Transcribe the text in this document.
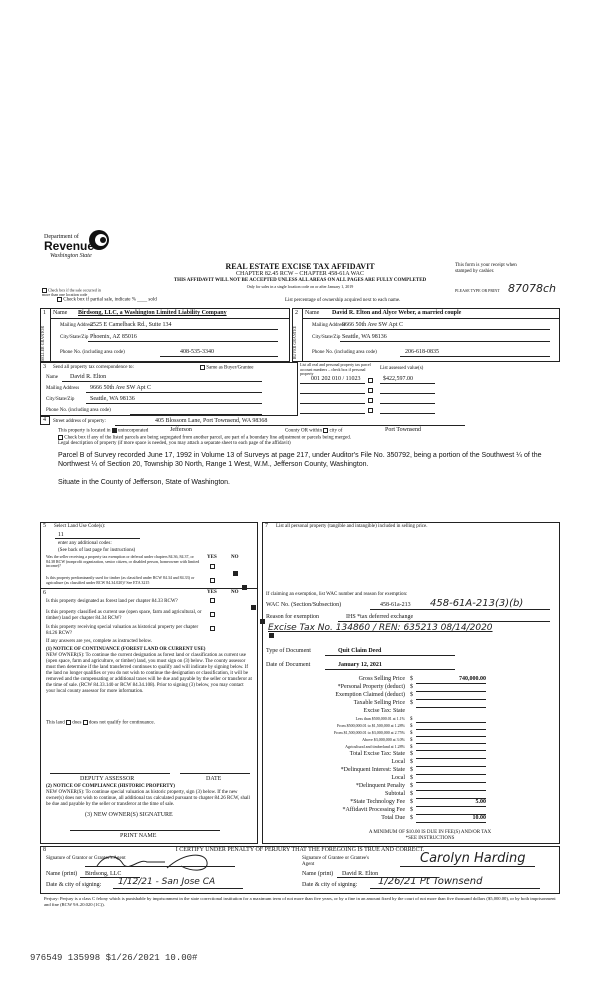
Department of
Revenue
Washington State
REAL ESTATE EXCISE TAX AFFIDAVIT
CHAPTER 82.45 RCW – CHAPTER 458-61A WAC
THIS AFFIDAVIT WILL NOT BE ACCEPTED UNLESS ALL AREAS ON ALL PAGES ARE FULLY COMPLETED
Only for sales in a single location code on or after January 1, 2019
This form is your receipt when stamped by cashier.
PLEASE TYPE OR PRINT 87078ch
Check box if the sale occurred in more than one location code
Check box if partial sale, indicate % ____ sold	List percentage of ownership acquired next to each name.
1 Name Birdsong, LLC, a Washington Limited Liability Company
SELLER GRANTOR
Mailing Address
2525 E Camelback Rd., Suite 134
City/State/Zip Phoenix, AZ 85016
Phone No. (including area code)	408-535-3340
2 Name David R. Elton and Alyce Weber, a married couple
BUYER GRANTEE
Mailing Address
9666 50th Ave SW Apt C
City/State/Zip Seattle, WA 98136
Phone No. (including area code)	206-618-0835
3 Send all property tax correspondence to:	Same as Buyer/Grantee
Name David R. Elton
Mailing Address 9666 50th Ave SW Apt C
City/State/Zip	Seattle, WA 98136
Phone No. (including area code)
List all real and personal property tax parcel account numbers – check box if personal property
List assessed value(s)
001 202 010 / 11023	$422,597.00
4 Street address of property:	405 Blossom Lane, Port Townsend, WA 98368
This property is located in unincorporated	Jefferson	County OR within city of	Port Townsend
Check box if any of the listed parcels are being segregated from another parcel, are part of a boundary line adjustment or parcels being merged.
Legal description of property (if more space is needed, you may attach a separate sheet to each page of the affidavit)
Parcel B of Survey recorded June 17, 1992 in Volume 13 of Surveys at page 217, under Auditor's File No. 350792, being a portion of the Southwest ¼ of the Northwest ¼ of Section 20, Township 30 North, Range 1 West, W.M., Jefferson County, Washington.
Situate in the County of Jefferson, State of Washington.
5 Select Land Use Code(s):
11
enter any additional codes:
(See back of last page for instructions)
YES	NO
Was the seller receiving a property tax exemption or deferral under chapters 84.36, 84.37, or 84.38 RCW (nonprofit organization, senior citizen, or disabled person, homeowner with limited income)?

Is this property predominantly used for timber (as classified under RCW 84.34 and 84.33) or agriculture (as classified under RCW 84.34.020)? See ETA 3215

6	YES	NO
Is this property designated as forest land per chapter 84.33 RCW?

Is this property classified as current use (open space, farm and agricultural, or timber) land per chapter 84.34 RCW?

Is this property receiving special valuation as historical property per chapter 84.26 RCW?
If any answers are yes, complete as instructed below.
(1) NOTICE OF CONTINUANCE (FOREST LAND OR CURRENT USE)
NEW OWNER(S): To continue the current designation as forest land or classification as current use (open space, farm and agriculture, or timber) land, you must sign on (3) below. The county assessor must then determine if the land transferred continues to qualify and will indicate by signing below. If the land no longer qualifies or you do not wish to continue the designation or classification, it will be removed and the compensating or additional taxes will be due and payable by the seller or transferor at the time of sale. (RCW 84.33.140 or RCW 84.34.108). Prior to signing (3) below, you may contact your local county assessor for more information.
This land does does not qualify for continuance.
DEPUTY ASSESSOR	DATE
(2) NOTICE OF COMPLIANCE (HISTORIC PROPERTY)
NEW OWNER(S): To continue special valuation as historic property, sign (3) below. If the new owner(s) does not wish to continue, all additional tax calculated pursuant to chapter 84.26 RCW, shall be due and payable by the seller or transferor at the time of sale.
(3) NEW OWNER(S) SIGNATURE
PRINT NAME
7 List all personal property (tangible and intangible) included in selling price.
If claiming an exemption, list WAC number and reason for exemption:
WAC No. (Section/Subsection)	458-61a-213 458-61A-213(3)(b)
Reason for exemption	IHS *tax deferred exchange
Excise Tax No. 134860 / REN: 635213 08/14/2020
Type of Document	Quit Claim Deed
Date of Document	January 12, 2021
Gross Selling Price $	740,000.00
*Personal Property (deduct) $
Exemption Claimed (deduct) $
Taxable Selling Price $
Excise Tax: State
Less than $500,000.01 at 1.1% $
From $500,000.01 to $1,500,000 at 1.28% $
From $1,500,000.01 to $3,000,000 at 2.75% $
Above $3,000,000 at 3.0% $
Agricultural and timberland at 1.28% $
Total Excise Tax: State $
Local $
*Delinquent Interest: State $
Local $
*Delinquent Penalty $
Subtotal $
*State Technology Fee $	5.00
*Affidavit Processing Fee $
Total Due $	10.00
A MINIMUM OF $10.00 IS DUE IN FEE(S) AND/OR TAX
*SEE INSTRUCTIONS
8	I CERTIFY UNDER PENALTY OF PERJURY THAT THE FOREGOING IS TRUE AND CORRECT.
Signature of Grantor or Grantor's Agent
Name (print) Birdsong, LLC
Date & city of signing: 1/12/21 - San Jose CA
Signature of Grantee or Grantee's Agent	Carolyn Harding
Name (print) David R. Elton
Date & city of signing: 1/26/21 Pt Townsend
Perjury: Perjury is a class C felony which is punishable by imprisonment in the state correctional institution for a maximum term of not more than five years, or by a fine in an amount fixed by the court of not more than five thousand dollars ($5,000.00), or by both imprisonment and fine (RCW 9A.20.020 (1C)).
976549 135998 $1/26/2021 10.00#
